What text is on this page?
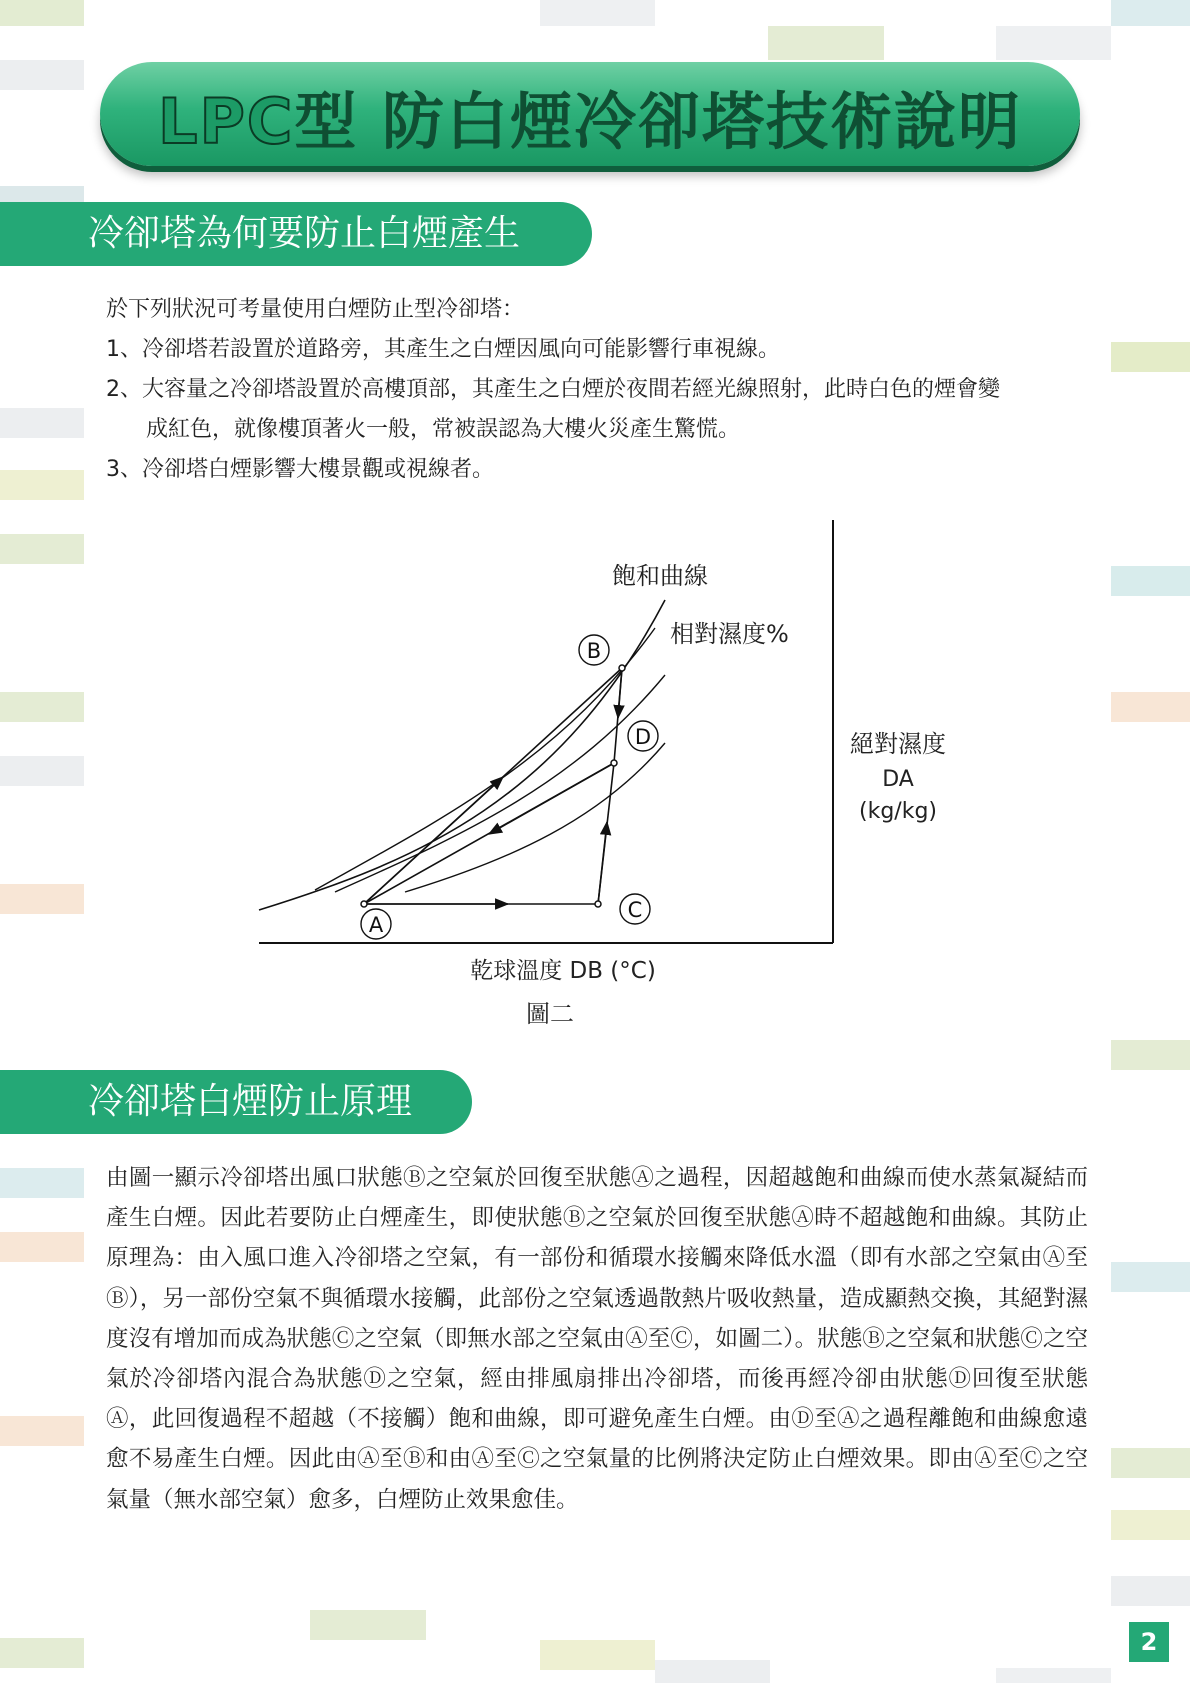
LPC型 防白煙冷卻塔技術說明
冷卻塔為何要防止白煙產生
於下列狀況可考量使用白煙防止型冷卻塔：
1、冷卻塔若設置於道路旁，其產生之白煙因風向可能影響行車視線。
2、大容量之冷卻塔設置於高樓頂部，其產生之白煙於夜間若經光線照射，此時白色的煙會變
成紅色，就像樓頂著火一般，常被誤認為大樓火災產生驚慌。
3、冷卻塔白煙影響大樓景觀或視線者。
A
B
C
D
飽和曲線
相對濕度%
絕對濕度
DA
(kg/kg)
乾球溫度 DB (°C)
圖二
冷卻塔白煙防止原理
由圖一顯示冷卻塔出風口狀態Ⓑ之空氣於回復至狀態Ⓐ之過程，因超越飽和曲線而使水蒸氣凝結而產生白煙。因此若要防止白煙產生，即使狀態Ⓑ之空氣於回復至狀態Ⓐ時不超越飽和曲線。其防止原理為：由入風口進入冷卻塔之空氣，有一部份和循環水接觸來降低水溫（即有水部之空氣由Ⓐ至Ⓑ），另一部份空氣不與循環水接觸，此部份之空氣透過散熱片吸收熱量，造成顯熱交換，其絕對濕度沒有增加而成為狀態Ⓒ之空氣（即無水部之空氣由Ⓐ至Ⓒ，如圖二）。狀態Ⓑ之空氣和狀態Ⓒ之空氣於冷卻塔內混合為狀態Ⓓ之空氣，經由排風扇排出冷卻塔，而後再經冷卻由狀態Ⓓ回復至狀態Ⓐ，此回復過程不超越（不接觸）飽和曲線，即可避免產生白煙。由Ⓓ至Ⓐ之過程離飽和曲線愈遠愈不易產生白煙。因此由Ⓐ至Ⓑ和由Ⓐ至Ⓒ之空氣量的比例將決定防止白煙效果。即由Ⓐ至Ⓒ之空氣量（無水部空氣）愈多，白煙防止效果愈佳。
2
